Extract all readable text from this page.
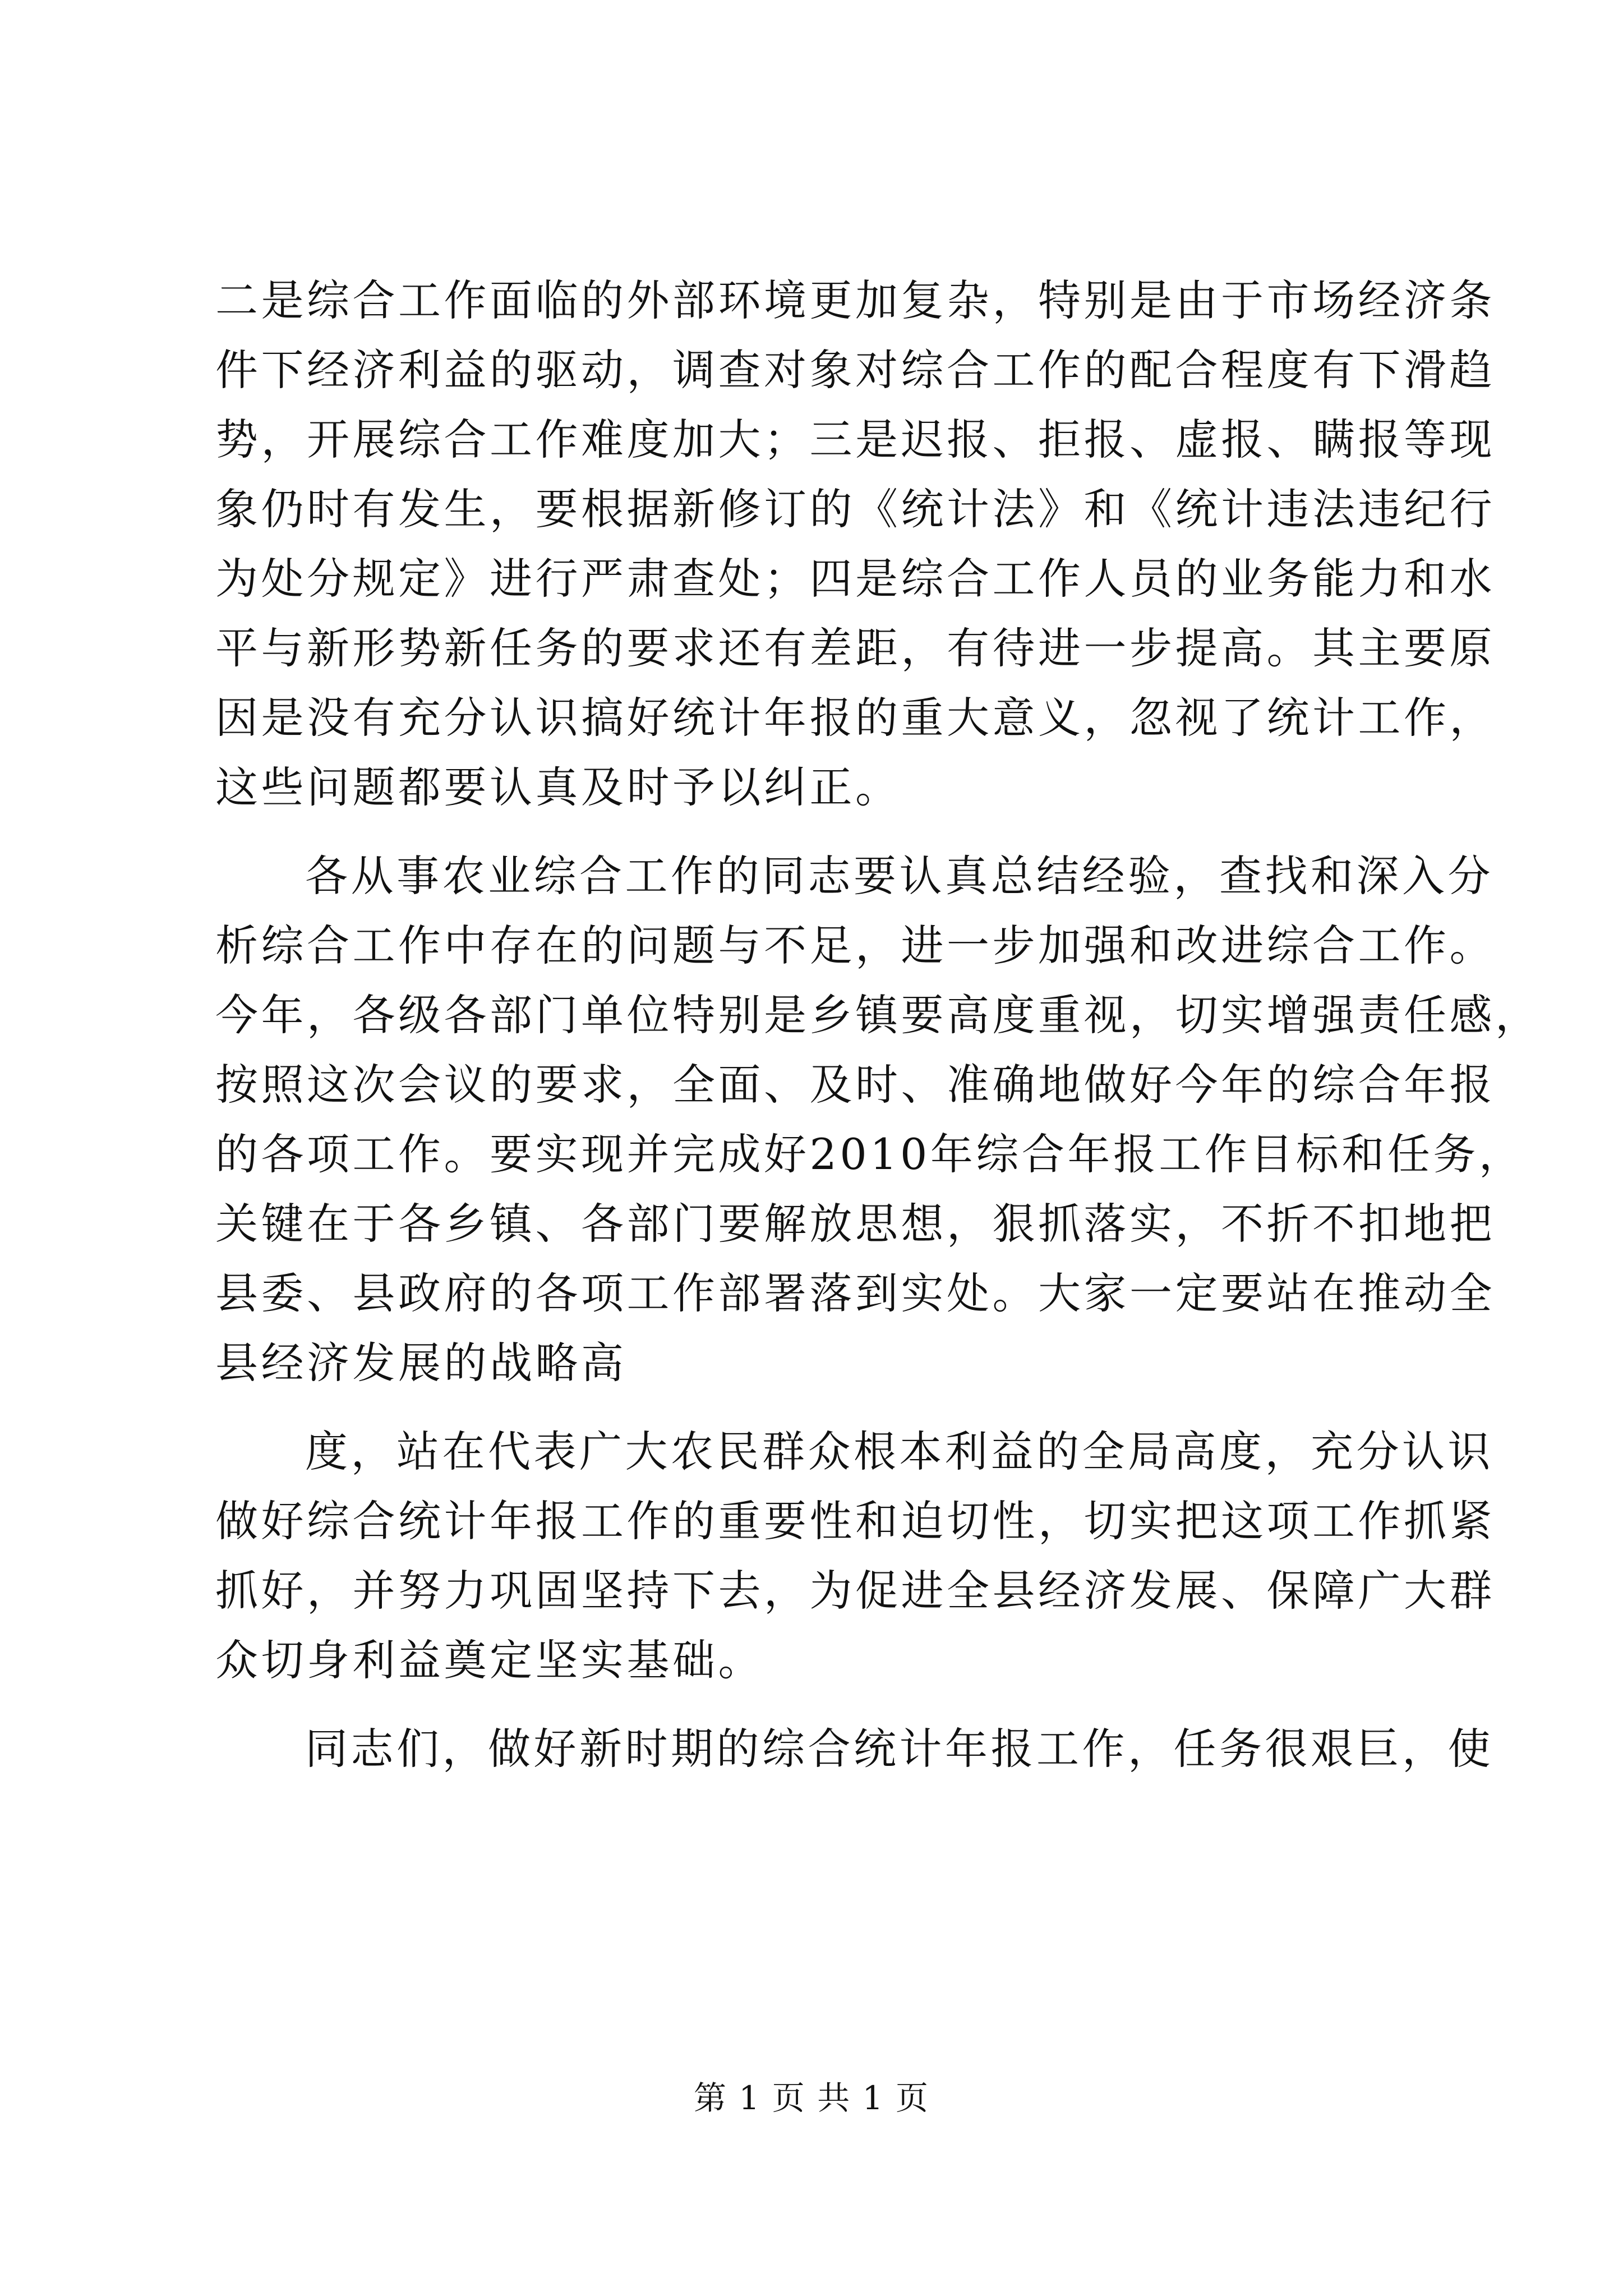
二是综合工作面临的外部环境更加复杂，特别是由于市场经济条
件下经济利益的驱动，调查对象对综合工作的配合程度有下滑趋
势，开展综合工作难度加大；三是迟报、拒报、虚报、瞒报等现
象仍时有发生，要根据新修订的《统计法》和《统计违法违纪行
为处分规定》进行严肃查处；四是综合工作人员的业务能力和水
平与新形势新任务的要求还有差距，有待进一步提高。其主要原
因是没有充分认识搞好统计年报的重大意义，忽视了统计工作，
这些问题都要认真及时予以纠正。
各从事农业综合工作的同志要认真总结经验，查找和深入分
析综合工作中存在的问题与不足，进一步加强和改进综合工作。
今年，各级各部门单位特别是乡镇要高度重视，切实增强责任感，
按照这次会议的要求，全面、及时、准确地做好今年的综合年报
的各项工作。要实现并完成好2010年综合年报工作目标和任务，
关键在于各乡镇、各部门要解放思想，狠抓落实，不折不扣地把
县委、县政府的各项工作部署落到实处。大家一定要站在推动全
县经济发展的战略高
度，站在代表广大农民群众根本利益的全局高度，充分认识
做好综合统计年报工作的重要性和迫切性，切实把这项工作抓紧
抓好，并努力巩固坚持下去，为促进全县经济发展、保障广大群
众切身利益奠定坚实基础。
同志们，做好新时期的综合统计年报工作，任务很艰巨，使
第 1 页 共 1 页
